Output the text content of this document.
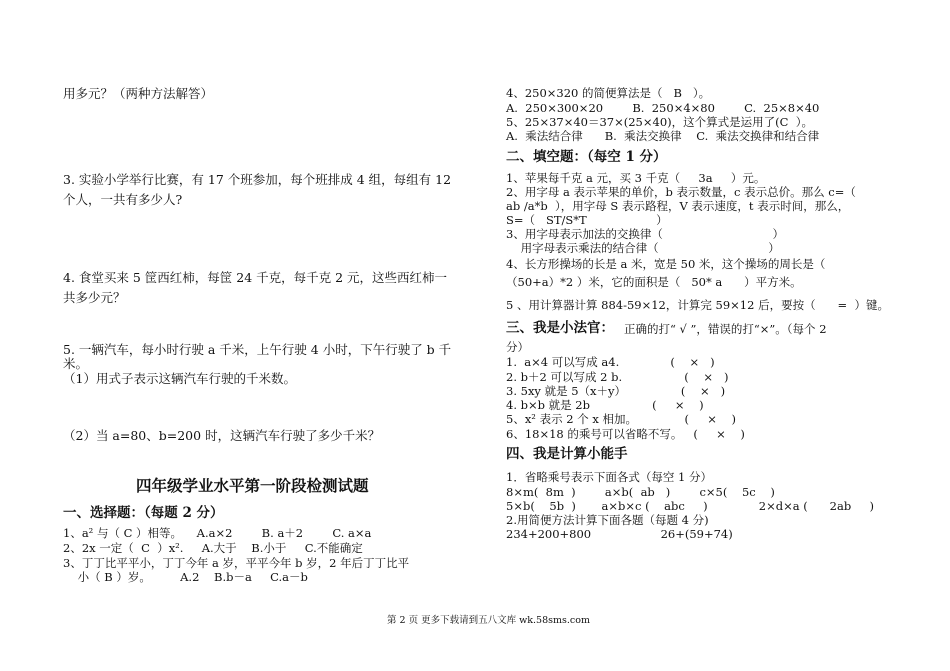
用多元？（两种方法解答）
3. 实验小学举行比赛，有 17 个班参加，每个班排成 4 组，每组有 12
个人，一共有多少人?
4. 食堂买来 5 筐西红柿，每筐 24 千克，每千克 2 元，这些西红柿一
共多少元？
5. 一辆汽车，每小时行驶 a 千米，上午行驶 4 小时，下午行驶了 b 千
米。
（1）用式子表示这辆汽车行驶的千米数。
（2）当 a=80、b=200 时，这辆汽车行驶了多少千米？
四年级学业水平第一阶段检测试题
一、选择题：（每题 2 分）
1、a² 与（ C ）相等。    A.a×2        B. a＋2        C. a×a
2、2x 一定（  C  ）x².     A.大于    B.小于     C.不能确定
3、丁丁比平平小，丁丁今年 a 岁，平平今年 b 岁，2 年后丁丁比平
小（ B ）岁。        A.2    B.b－a     C.a－b
4、250×320 的简便算法是（   B   ）。
A.  250×300×20        B.  250×4×80        C.  25×8×40
5、25×37×40＝37×(25×40)，这个算式是运用了(C  ）。
A.  乘法结合律      B.  乘法交换律    C.  乘法交换律和结合律
二、填空题：（每空 1 分）
1、苹果每千克 a 元，买 3 千克（     3a     ）元。
2、用字母 a 表示苹果的单价，b 表示数量，c 表示总价。那么 c=（
ab /a*b  ），用字母 S 表示路程，V 表示速度，t 表示时间，那么，
S=（   ST/S*T                   ）
3、用字母表示加法的交换律（                              ）
用字母表示乘法的结合律（                              ）
4、长方形操场的长是 a 米，宽是 50 米，这个操场的周长是（
（50+a）*2 ）米，它的面积是（   50* a      ）平方米。
5 、用计算器计算 884-59×12，计算完 59×12 后，要按（      =  ）键。
三、我是小法官： 正确的打“ √ ”，错误的打“×”。（每个 2
分）
1.  a×4 可以写成 a4.              (    ×   )
2. b＋2 可以写成 2 b.                 (    ×   )
3. 5xy 就是 5（x＋y）               (    ×   )
4. b×b 就是 2b                 (     ×    )
5、x² 表示 2 个 x 相加。             (     ×    )
6、18×18 的乘号可以省略不写。   (     ×    )
四、我是计算小能手
1．省略乘号表示下面各式（每空 1 分）
8×m(  8m  )        a×b(  ab   )        c×5(    5c    )
5×b(    5b  )       a×b×c (    abc     )              2×d×a (      2ab     )
2.用简便方法计算下面各题（每题 4 分)
234+200+800                   26+(59+74)
第 2 页 更多下载请到五八文库 wk.58sms.com
